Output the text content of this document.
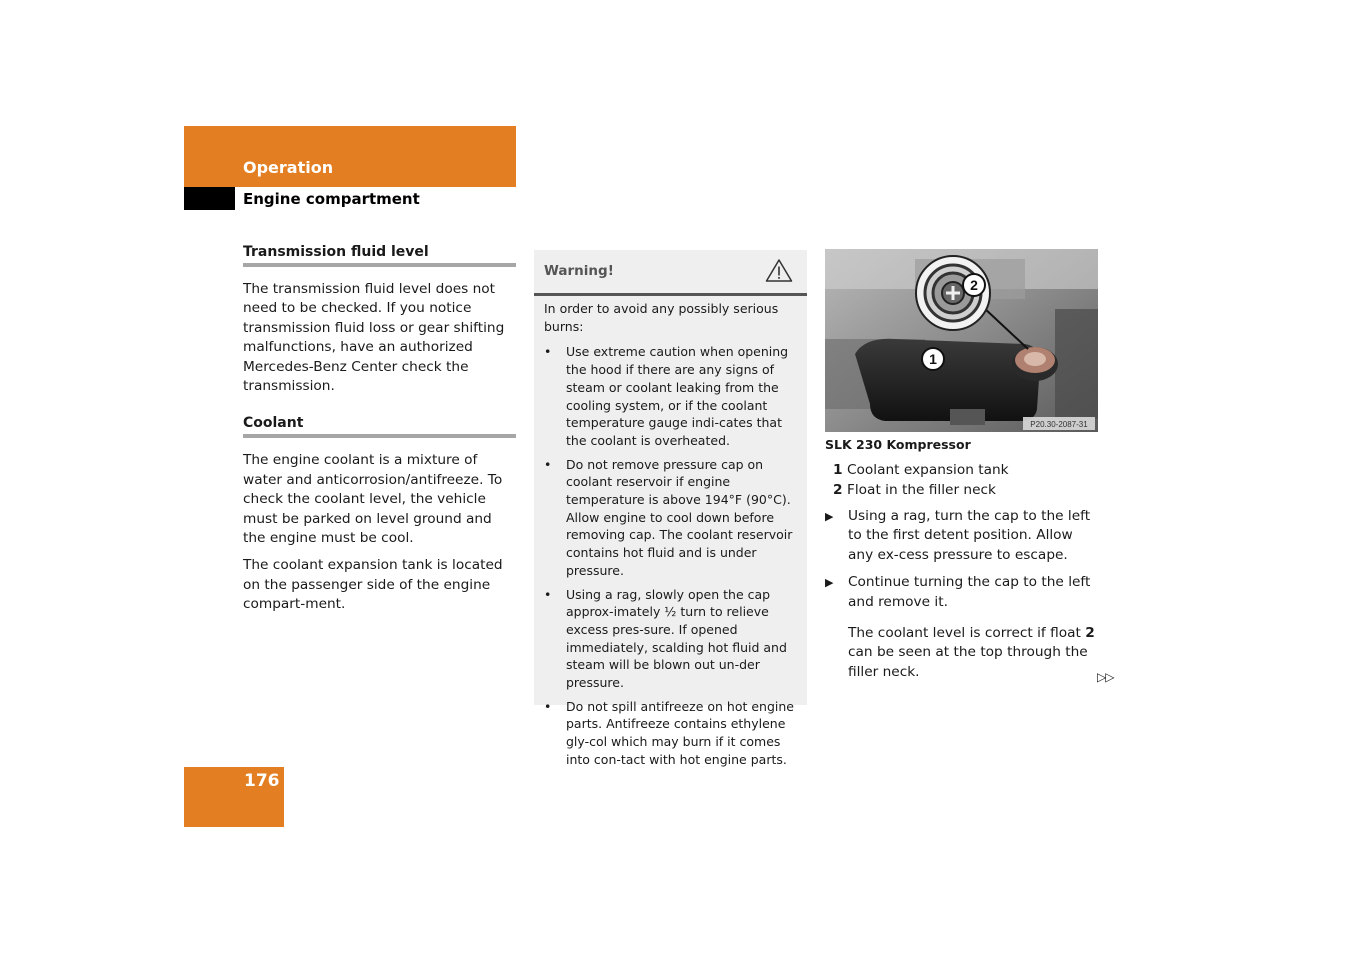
Operation
Engine compartment

Transmission fluid level

The transmission fluid level does not need to be checked. If you notice transmission fluid loss or gear shifting malfunctions, have an authorized Mercedes-Benz Center check the transmission.

Coolant

The engine coolant is a mixture of water and anticorrosion/antifreeze. To check the coolant level, the vehicle must be parked on level ground and the engine must be cool.

The coolant expansion tank is located on the passenger side of the engine compart-ment.

Warning!

In order to avoid any possibly serious burns:

• Use extreme caution when opening the hood if there are any signs of steam or coolant leaking from the cooling system, or if the coolant temperature gauge indi-cates that the coolant is overheated.
• Do not remove pressure cap on coolant reservoir if engine temperature is above 194°F (90°C). Allow engine to cool down before removing cap. The coolant reservoir contains hot fluid and is under pressure.
• Using a rag, slowly open the cap approx-imately ½ turn to relieve excess pres-sure. If opened immediately, scalding hot fluid and steam will be blown out un-der pressure.
• Do not spill antifreeze on hot engine parts. Antifreeze contains ethylene gly-col which may burn if it comes into con-tact with hot engine parts.
2
1
P20.30-2087-31
SLK 230 Kompressor
1 Coolant expansion tank
2 Float in the filler neck
▶ Using a rag, turn the cap to the left to the first detent position. Allow any ex-cess pressure to escape.
▶ Continue turning the cap to the left and remove it.
The coolant level is correct if float 2 can be seen at the top through the filler neck.	▷▷
176
